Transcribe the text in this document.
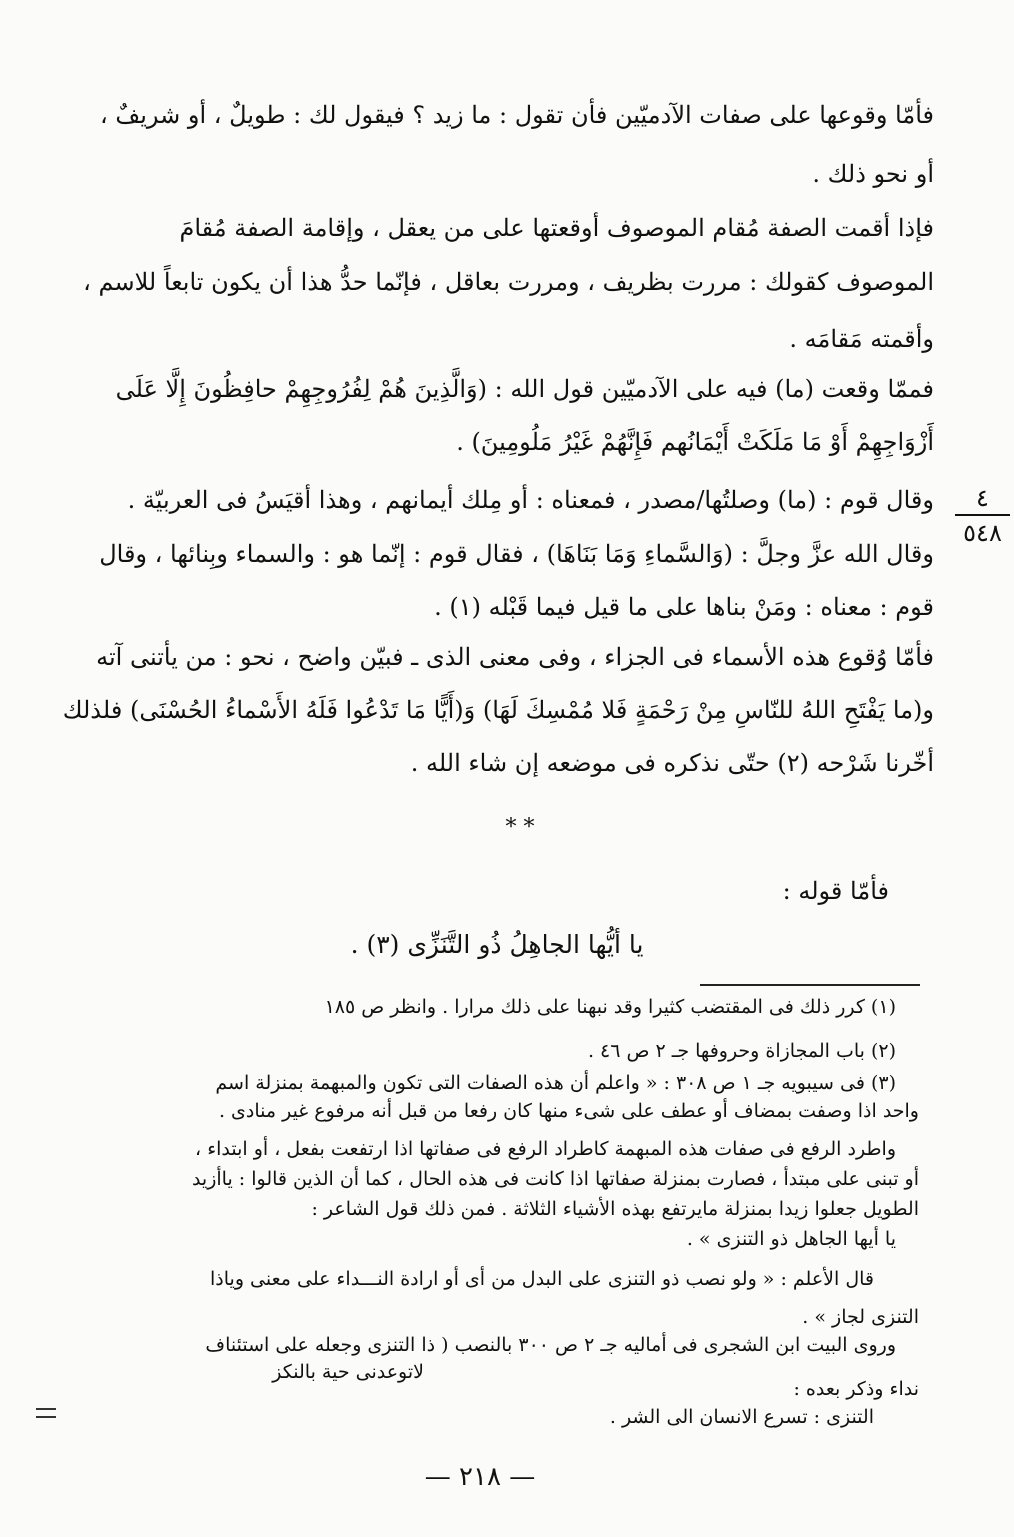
فأمّا وقوعها على صفات الآدميّين فأن تقول : ما زيد ؟ فيقول لك : طويلٌ ، أو شريفٌ ،
أو نحو ذلك .
فإذا أقمت الصفة مُقام الموصوف أوقعتها على من يعقل ، وإقامة الصفة مُقامَ
الموصوف كقولك : مررت بظريف ، ومررت بعاقل ، فإنّما حدُّ هذا أن يكون تابعاً للاسم ،
وأقمته مَقامَه .
فممّا وقعت (ما) فيه على الآدميّين قول الله : (وَالَّذِينَ هُمْ لِفُرُوجِهِمْ حافِظُونَ إِلَّا عَلَى
أَزْوَاجِهِمْ أَوْ مَا مَلَكَتْ أَيْمَانُهم فَإِنَّهُمْ غَيْرُ مَلُومِينَ) .
وقال قوم : (ما) وصلتُها/مصدر ، فمعناه : أو مِلك أيمانهم ، وهذا أقيَسُ فى العربيّة .
وقال الله عزَّ وجلَّ : (وَالسَّماءِ وَمَا بَنَاهَا) ، فقال قوم : إنّما هو : والسماء وبِنائها ، وقال
قوم : معناه : ومَنْ بناها على ما قيل فيما قَبْله (١) .
فأمّا وُقوع هذه الأسماء فى الجزاء ، وفى معنى الذى ـ فبيّن واضح ، نحو : من يأتنى آته
و(ما يَفْتَحِ اللهُ للنّاسِ مِنْ رَحْمَةٍ فَلا مُمْسِكَ لَهَا) وَ(أَيًّا مَا تَدْعُوا فَلَهُ الأَسْماءُ الحُسْنَى) فلذلك
أخّرنا شَرْحه (٢) حتّى نذكره فى موضعه إن شاء الله .
٤
٥٤٨
* *
فأمّا قوله :
يا أيُّها الجاهِلُ ذُو التَّنَزِّى (٣) .
(١) كرر ذلك فى المقتضب كثيرا وقد نبهنا على ذلك مرارا . وانظر ص ١٨٥
(٢) باب المجازاة وحروفها جـ ٢ ص ٤٦ .
(٣) فى سيبويه جـ ١ ص ٣٠٨ : « واعلم أن هذه الصفات التى تكون والمبهمة بمنزلة اسم
واحد اذا وصفت بمضاف أو عطف على شىء منها كان رفعا من قبل أنه مرفوع غير منادى .
واطرد الرفع فى صفات هذه المبهمة كاطراد الرفع فى صفاتها اذا ارتفعت بفعل ، أو ابتداء ،
أو تبنى على مبتدأ ، فصارت بمنزلة صفاتها اذا كانت فى هذه الحال ، كما أن الذين قالوا : ياأزيد
الطويل جعلوا زيدا بمنزلة مايرتفع بهذه الأشياء الثلاثة . فمن ذلك قول الشاعر :
يا أيها الجاهل ذو التنزى » .
قال الأعلم : « ولو نصب ذو التنزى على البدل من أى أو ارادة النـــداء على معنى وياذا
التنزى لجاز » .
وروى البيت ابن الشجرى فى أماليه جـ ٢ ص ٣٠٠ بالنصب ( ذا التنزى وجعله على استئناف
لاتوعدنى حية بالنكز
نداء وذكر بعده :
التنزى : تسرع الانسان الى الشر .
— ٢١٨ —
